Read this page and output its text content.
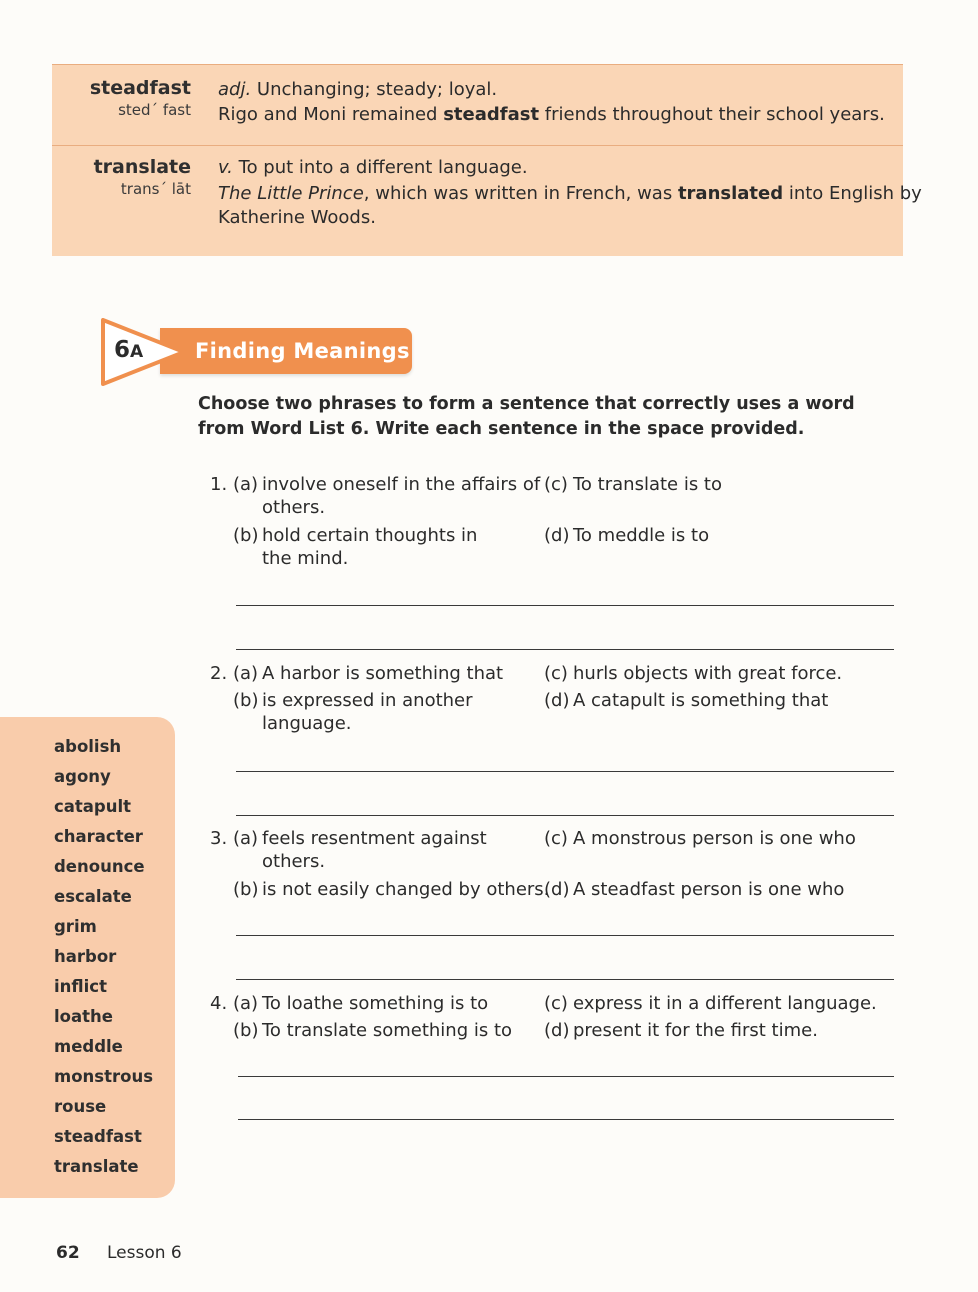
steadfast
sted´ fast
adj. Unchanging; steady; loyal.
Rigo and Moni remained steadfast friends throughout their school years.
translate
trans´ lāt
v. To put into a different language.
The Little Prince, which was written in French, was translated into English by
Katherine Woods.
Finding Meanings
6A
Choose two phrases to form a sentence that correctly uses a word from Word List 6. Write each sentence in the space provided.
1. (a) involve oneself in the affairs of others.
(b) hold certain thoughts in the mind.
(c) To translate is to
(d) To meddle is to
2. (a) A harbor is something that
(b) is expressed in another language.
(c) hurls objects with great force.
(d) A catapult is something that
3. (a) feels resentment against others.
(b) is not easily changed by others.
(c) A monstrous person is one who
(d) A steadfast person is one who
4. (a) To loathe something is to
(b) To translate something is to
(c) express it in a different language.
(d) present it for the first time.
abolish
agony
catapult
character
denounce
escalate
grim
harbor
inflict
loathe
meddle
monstrous
rouse
steadfast
translate
62 Lesson 6
